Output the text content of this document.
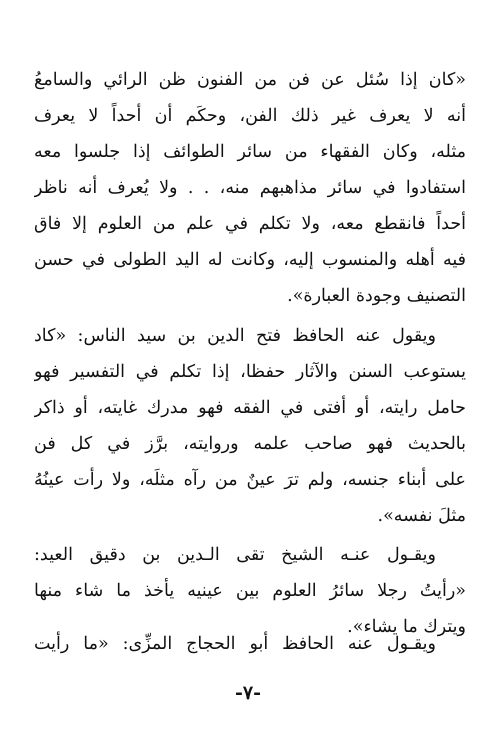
«كان إذا سُئل عن فن من الفنون ظن الرائي والسامعُ
أنه لا يعرف غير ذلك الفن، وحكَم أن أحداً لا يعرف
مثله، وكان الفقهاء من سائر الطوائف إذا جلسوا معه
استفادوا في سائر مذاهبهم منه، . . ولا يُعرف أنه ناظر
أحداً فانقطع معه، ولا تكلم في علم من العلوم إلا فاق
فيه أهله والمنسوب إليه، وكانت له اليد الطولى في حسن
التصنيف وجودة العبارة».
ويقول عنه الحافظ فتح الدين بن سيد الناس: «كاد
يستوعب السنن والآثار حفظا، إذا تكلم في التفسير فهو
حامل رايته، أو أفتى في الفقه فهو مدرك غايته، أو ذاكر
بالحديث فهو صاحب علمه وروايته، برَّز في كل فن
على أبناء جنسه، ولم ترَ عينٌ من رآه مثلَه، ولا رأت عينُهُ
مثلَ نفسه».
ويقـول عنـه الشيخ تقى الـدين بن دقيق العيد:
«رأيتُ رجلا سائرُ العلوم بين عينيه يأخذ ما شاء منها
ويترك ما يشاء».
ويقـول عنه الحافظ أبو الحجاج المزِّى: «ما رأيت
-٧-
